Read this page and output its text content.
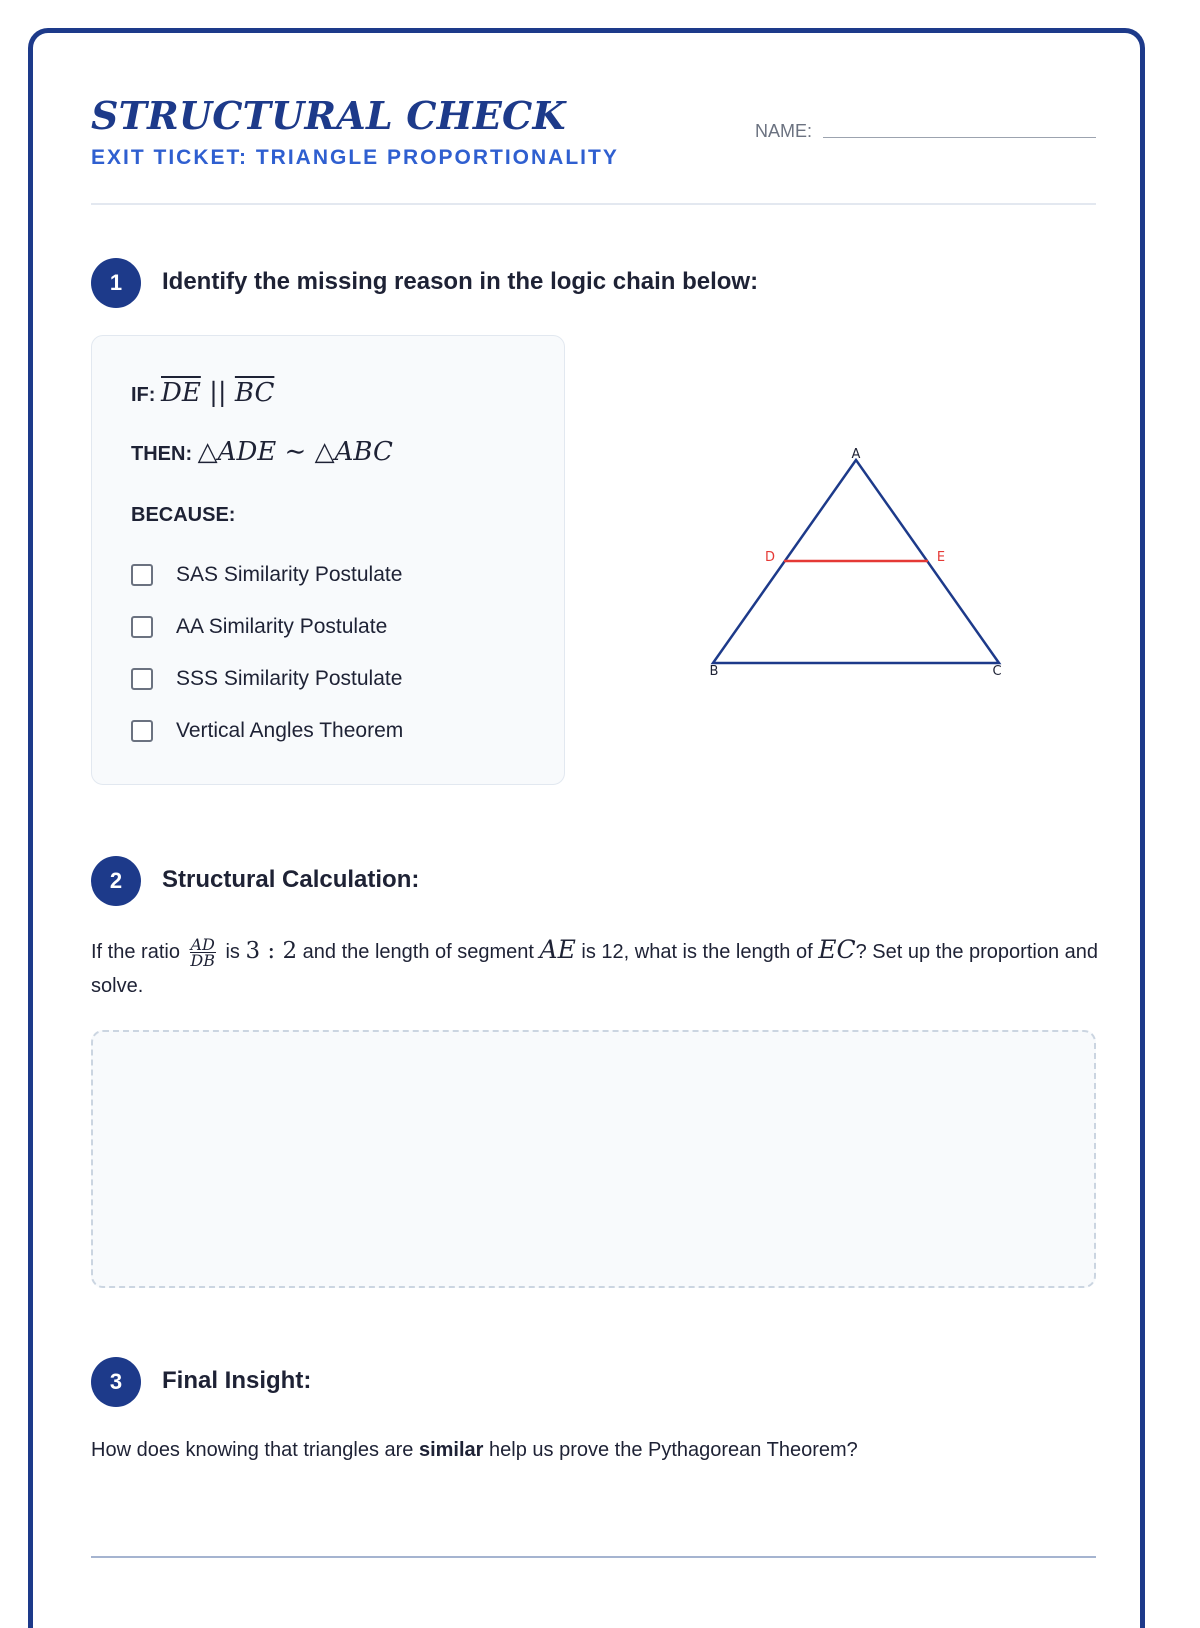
STRUCTURAL CHECK
EXIT TICKET: TRIANGLE PROPORTIONALITY
NAME:
1	Identify the missing reason in the logic chain below:
IF: $\overline{DE}$ || $\overline{BC}$
THEN: △ADE ∼ △ABC
BECAUSE:
SAS Similarity Postulate
AA Similarity Postulate
SSS Similarity Postulate
Vertical Angles Theorem
A
B	C
D	E
2	Structural Calculation:
If the ratio $\frac{AD}{DB}$ is 3 : 2 and the length of segment AE is 12, what is the length of EC? Set up the proportion and solve.
3	Final Insight:
How does knowing that triangles are similar help us prove the Pythagorean Theorem?
